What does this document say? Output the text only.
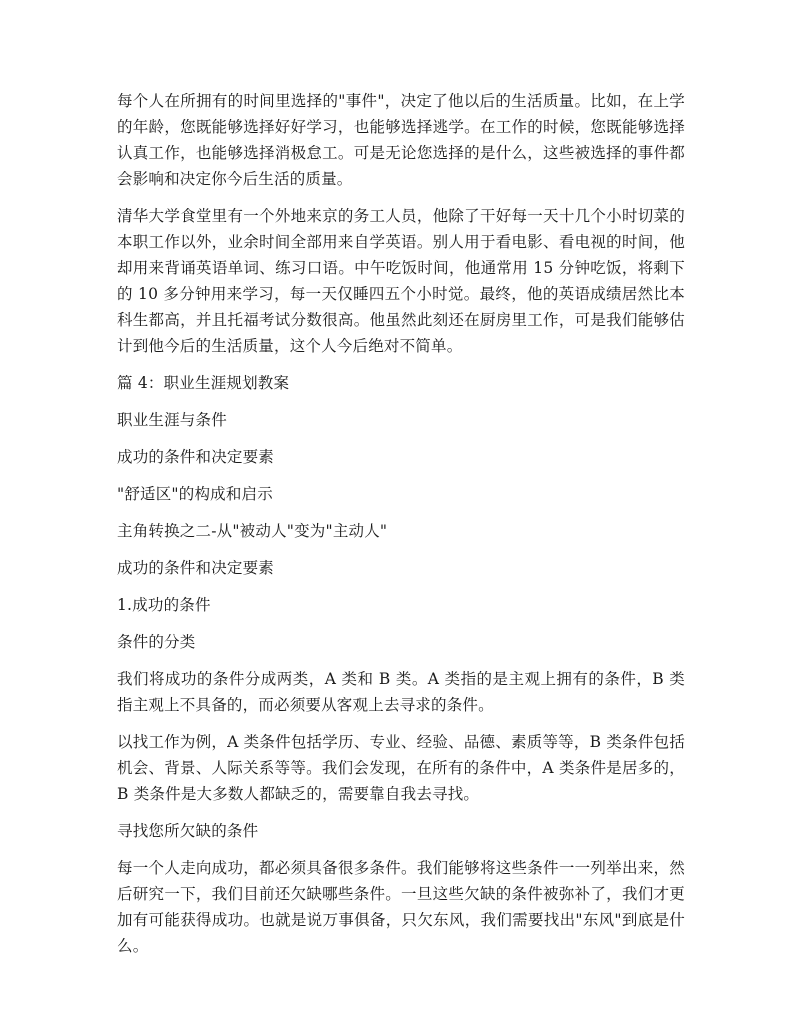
每个人在所拥有的时间里选择的"事件"，决定了他以后的生活质量。比如，在上学的年龄，您既能够选择好好学习，也能够选择逃学。在工作的时候，您既能够选择认真工作，也能够选择消极怠工。可是无论您选择的是什么，这些被选择的事件都会影响和决定你今后生活的质量。

清华大学食堂里有一个外地来京的务工人员，他除了干好每一天十几个小时切菜的本职工作以外，业余时间全部用来自学英语。别人用于看电影、看电视的时间，他却用来背诵英语单词、练习口语。中午吃饭时间，他通常用 15 分钟吃饭，将剩下的 10 多分钟用来学习，每一天仅睡四五个小时觉。最终，他的英语成绩居然比本科生都高，并且托福考试分数很高。他虽然此刻还在厨房里工作，可是我们能够估计到他今后的生活质量，这个人今后绝对不简单。

篇 4：职业生涯规划教案

职业生涯与条件

成功的条件和决定要素

"舒适区"的构成和启示

主角转换之二-从"被动人"变为"主动人"

成功的条件和决定要素

1.成功的条件

条件的分类

我们将成功的条件分成两类，A 类和 B 类。A 类指的是主观上拥有的条件，B 类指主观上不具备的，而必须要从客观上去寻求的条件。

以找工作为例，A 类条件包括学历、专业、经验、品德、素质等等，B 类条件包括机会、背景、人际关系等等。我们会发现，在所有的条件中，A 类条件是居多的，B 类条件是大多数人都缺乏的，需要靠自我去寻找。

寻找您所欠缺的条件

每一个人走向成功，都必须具备很多条件。我们能够将这些条件一一列举出来，然后研究一下，我们目前还欠缺哪些条件。一旦这些欠缺的条件被弥补了，我们才更加有可能获得成功。也就是说万事俱备，只欠东风，我们需要找出"东风"到底是什么。
